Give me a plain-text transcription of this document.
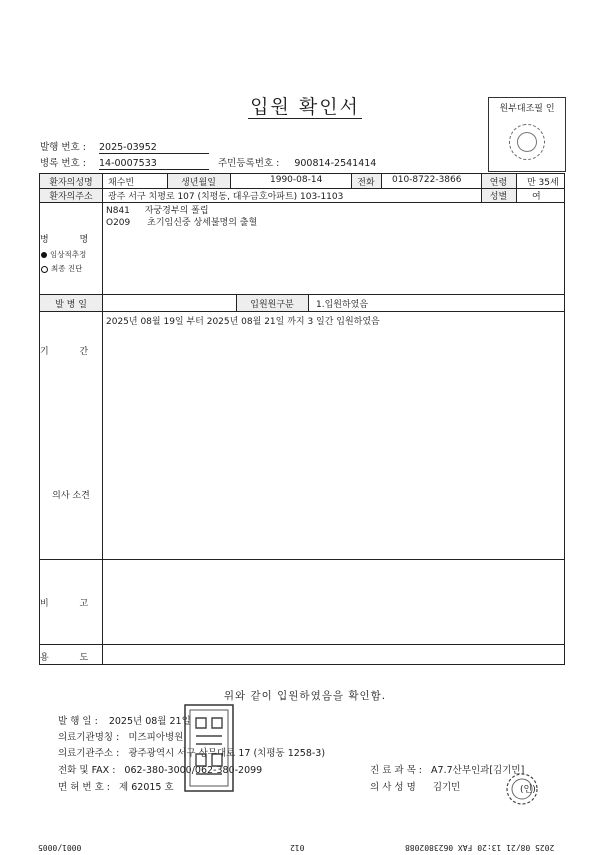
입원 확인서	원부대조필 인
발행 번호 : 2025-03952
병록 번호 : 14-0007533	주민등록번호 : 900814-2541414
환자의성명	채수빈	생년월일	1990-08-14	전화	010-8722-3866	연령	만 35세
환자의주소	광주 서구 치평로 107 (치평동, 대우금호아파트) 103-1103	성별	여
N841 자궁경부의 폴립
O209 초기임신중 상세불명의 출혈
병 명
임상적추정
최종 진단
발 병 일	입원원구분	1.입원하였음
2025년 08월 19일 부터 2025년 08월 21일 까지 3 일간 입원하였음
기 간
의사 소견
비 고
용 도
위와 같이 입원하였음을 확인함.
발 행 일 : 2025년 08월 21일
의료기관명칭 : 미즈피아병원
의료기관주소 : 광주광역시 서구 상무대로 17 (치평동 1258-3)
전화 및 FAX : 062-380-3000/062-380-2099	진 료 과 목 : A7.7산부인과[김기민]
면 허 번 호 : 제 62015 호	의 사 성 명 김기민	(인)
0001/0005	012	2025 08/21 13:20 FAX 0623802088
